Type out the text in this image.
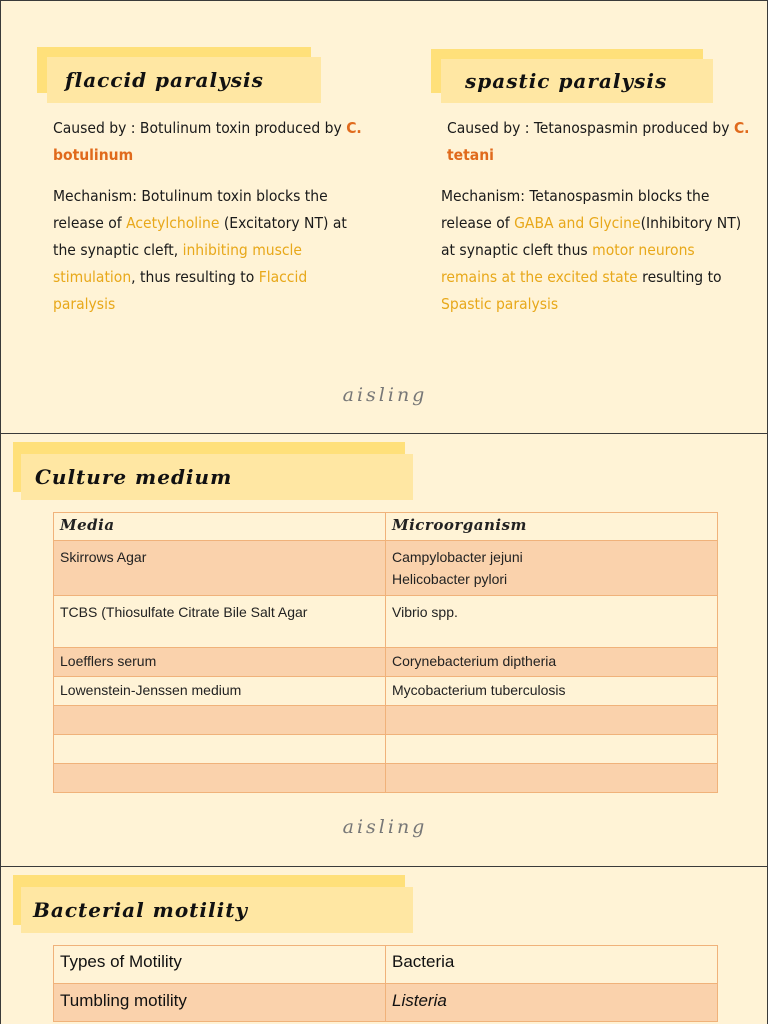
flaccid paralysis	spastic paralysis

Caused by : Botulinum toxin produced by C. botulinum

Mechanism: Botulinum toxin blocks the release of Acetylcholine (Excitatory NT) at the synaptic cleft, inhibiting muscle stimulation, thus resulting to Flaccid paralysis

Caused by : Tetanospasmin produced by C. tetani

Mechanism: Tetanospasmin blocks the release of GABA and Glycine(Inhibitory NT) at synaptic cleft thus motor neurons remains at the excited state resulting to Spastic paralysis

aisling
Culture medium
Media	Microorganism
Skirrows Agar	Campylobacter jejuni
Helicobacter pylori
TCBS (Thiosulfate Citrate Bile Salt Agar	Vibrio spp.
Loefflers serum	Corynebacterium diptheria
Lowenstein-Jenssen medium	Mycobacterium tuberculosis

aisling
Bacterial motility
Types of Motility	Bacteria
Tumbling motility	Listeria
